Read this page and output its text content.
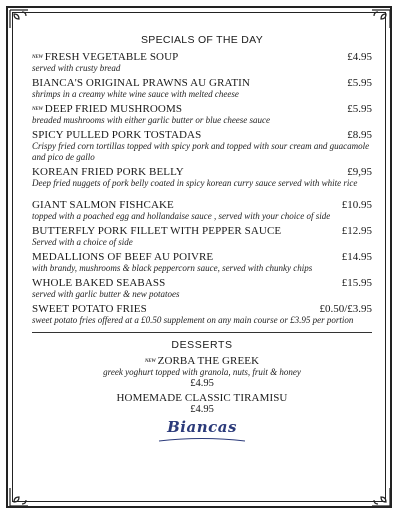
SPECIALS OF THE DAY
NEW FRESH VEGETABLE SOUP	£4.95
served with crusty bread
BIANCA'S ORIGINAL PRAWNS AU GRATIN	£5.95
shrimps in a creamy white wine sauce with melted cheese
NEW DEEP FRIED MUSHROOMS	£5.95
breaded mushrooms with either garlic butter or blue cheese sauce
SPICY PULLED PORK TOSTADAS	£8.95
Crispy fried corn tortillas topped with spicy pork and topped with sour cream and guacamole and pico de gallo
KOREAN FRIED PORK BELLY	£9,95
Deep fried nuggets of pork belly coated in spicy korean curry sauce served with white rice
GIANT SALMON FISHCAKE	£10.95
topped with a poached egg and hollandaise sauce , served with your choice of side
BUTTERFLY PORK FILLET WITH PEPPER SAUCE	£12.95
Served with a choice of side
MEDALLIONS OF BEEF AU POIVRE	£14.95
with brandy, mushrooms & black peppercorn sauce, served with chunky chips
WHOLE BAKED SEABASS	£15.95
served with garlic butter & new potatoes
SWEET POTATO FRIES	£0.50/£3.95
sweet potato fries offered at a £0.50 supplement on any main course or £3.95 per portion
DESSERTS
NEW ZORBA THE GREEK
greek yoghurt topped with granola, nuts, fruit & honey
£4.95
HOMEMADE CLASSIC TIRAMISU
£4.95
Biancas
